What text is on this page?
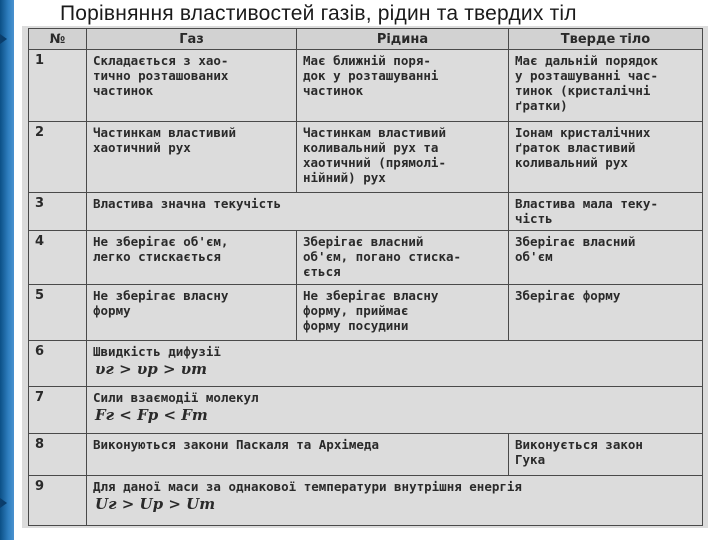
Порівняння властивостей газів, рідин та твердих тіл
№	Газ	Рідина	Тверде тіло
1	Складається з хао-
тично розташованих
частинок	Має ближній поря-
док у розташуванні
частинок	Має дальній порядок
у розташуванні час-
тинок (кристалічні
ґратки)

2	Частинкам властивий
хаотичний рух	Частинкам властивий
коливальний рух та
хаотичний (прямолі-
нійний) рух	Іонам кристалічних
ґраток властивий
коливальний рух

3	Властива значна текучість		Властива мала теку-
чість

4	Не зберігає об'єм,
легко стискається	Зберігає власний
об'єм, погано стиска-
ється	Зберігає власний
об'єм

5	Не зберігає власну
форму	Не зберігає власну
форму, приймає
форму посудини	Зберігає форму

6	Швидкість дифузії
υг > υр > υт		

7	Сили взаємодії молекул
Fг < Fр < Fт		

8	Виконуються закони Паскаля та Архімеда		Виконується закон
Гука

9	Для даної маси за однакової температури внутрішня енергія
Uг > Uр > Uт		
